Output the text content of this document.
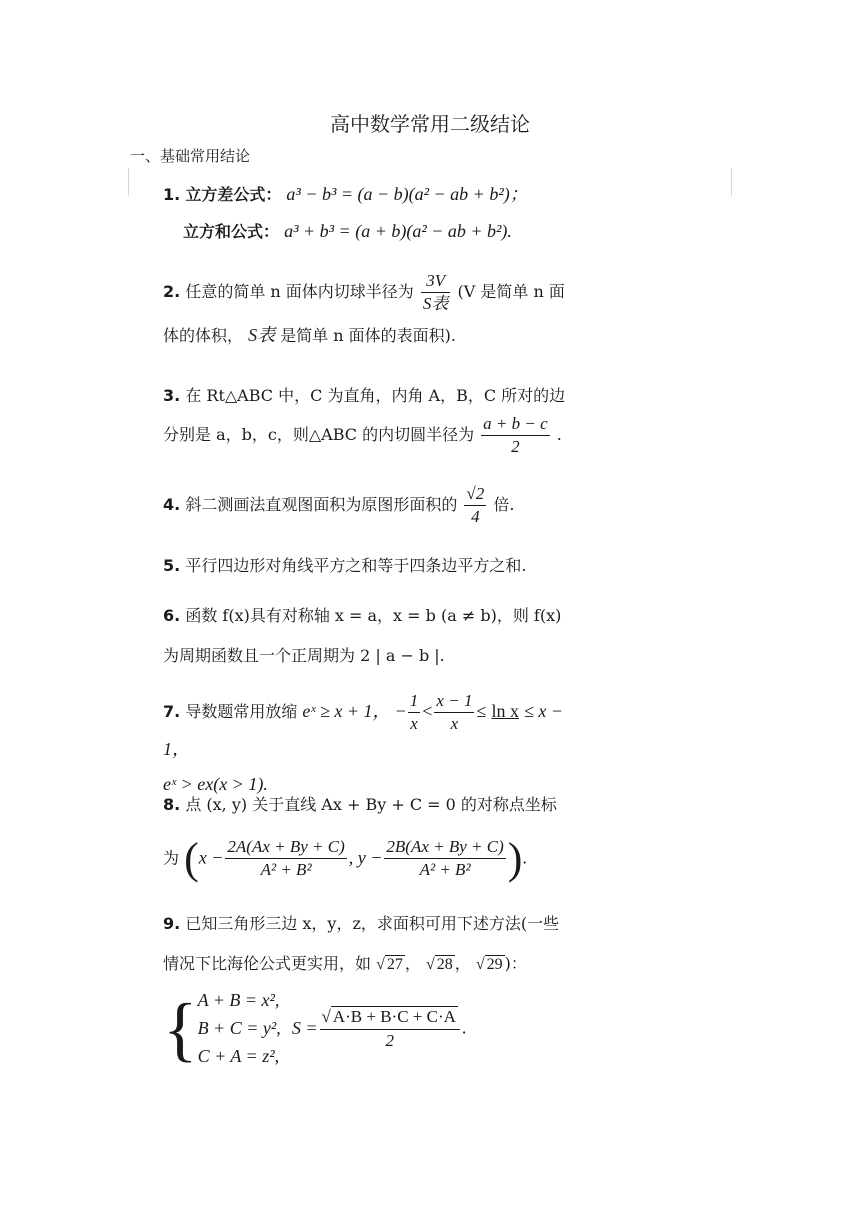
高中数学常用二级结论
一、基础常用结论
1. 立方差公式： a³ − b³ = (a − b)(a² − ab + b²)；
立方和公式： a³ + b³ = (a + b)(a² − ab + b²).
2. 任意的简单 n 面体内切球半径为 $\frac{3V}{\text{S表}} (V$ 是简单 n 面
体的体积， S表 是简单 n 面体的表面积).
3. 在 Rt△ABC 中，C 为直角，内角 A，B，C 所对的边
分别是 a，b，c，则△ABC 的内切圆半径为 $\frac{a + b - c}{2}$ .
4. 斜二测画法直观图面积为原图形面积的 $\frac{√2}{4}$ 倍.
5. 平行四边形对角线平方之和等于四条边平方之和.
6. 函数 f(x)具有对称轴 x = a，x = b (a ≠ b)，则 f(x)
为周期函数且一个正周期为 2 | a − b |.
7. 导数题常用放缩 eˣ ≥ x + 1， − $\frac{1}{x} < \frac{x - 1}{x} \le \ln x \le x - 1$，
eˣ > ex(x > 1).
8. 点 (x, y) 关于直线 Ax + By + C = 0 的对称点坐标
为 ($x - \frac{2A(Ax + By + C)}{\text{A² + B²}}$ , $y - \frac{2B(Ax + By + C)}{\text{A² + B²}}$ ).
9. 已知三角形三边 x，y，z，求面积可用下述方法(一些
情况下比海伦公式更实用，如 √ 27 ， √ 28 ， √ 29 )：
{ A + B = x²,
B + C = y²,
C + A = z²,
$S = \frac{√ A\cdot B + B\cdot C + C\cdot A}{2}$ .
